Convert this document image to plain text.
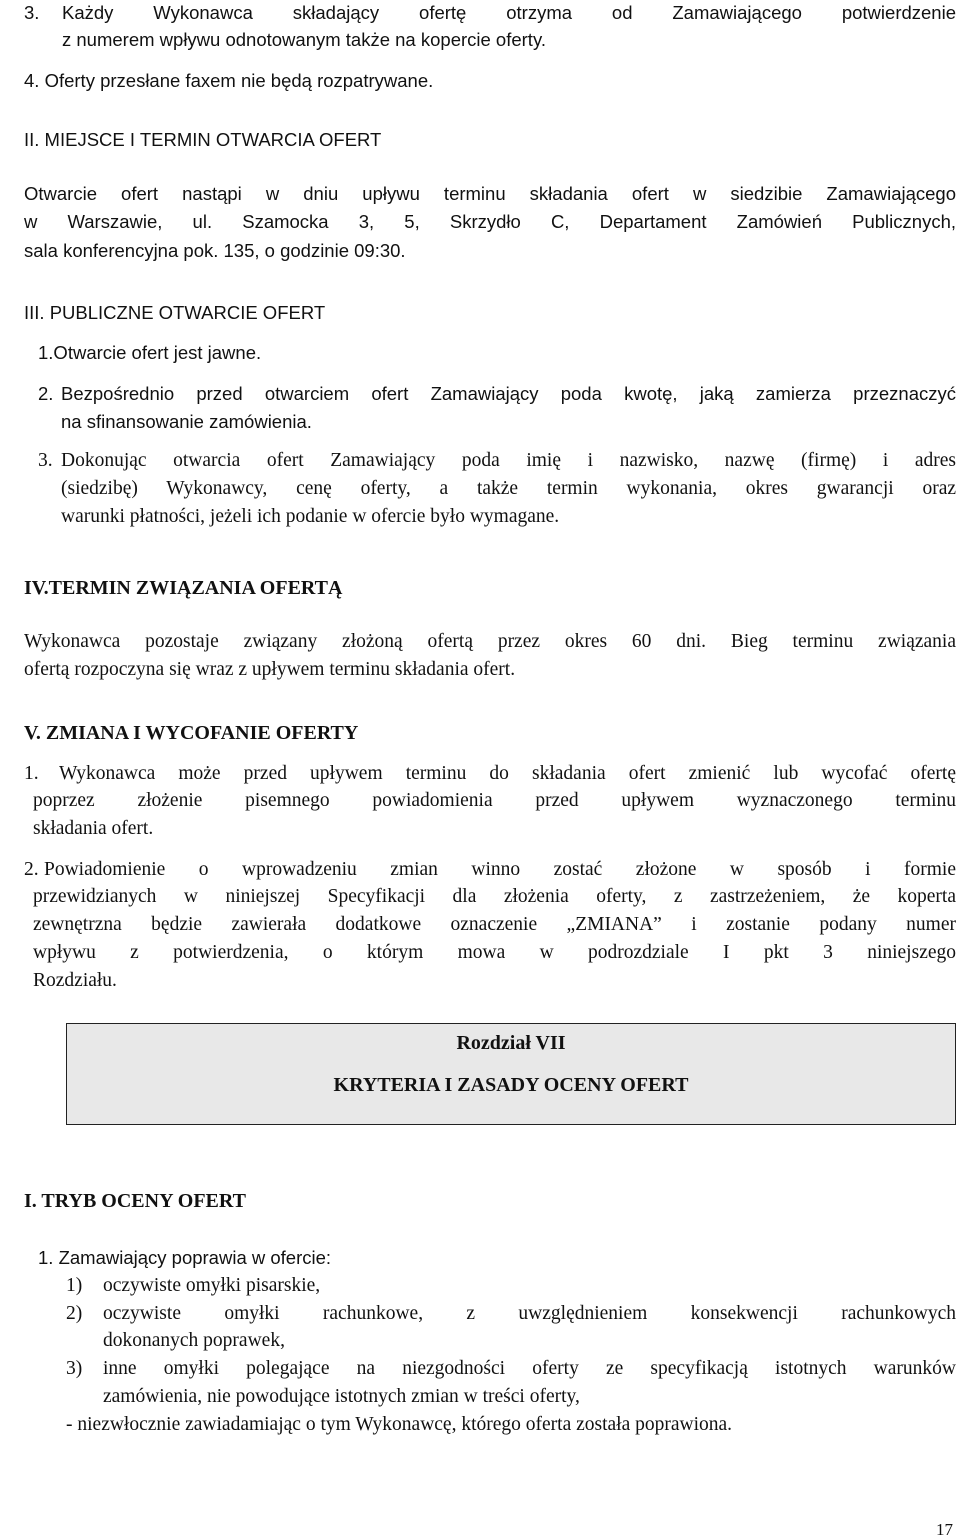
3. Każdy Wykonawca składający ofertę otrzyma od Zamawiającego potwierdzenie
z numerem wpływu odnotowanym także na kopercie oferty.
4. Oferty przesłane faxem nie będą rozpatrywane.
II. MIEJSCE I TERMIN OTWARCIA OFERT
Otwarcie ofert nastąpi w dniu upływu terminu składania ofert w siedzibie Zamawiającego
w Warszawie, ul. Szamocka 3, 5, Skrzydło C, Departament Zamówień Publicznych,
sala konferencyjna pok. 135, o godzinie 09:30.
III. PUBLICZNE OTWARCIE OFERT
1.Otwarcie ofert jest jawne.
2. Bezpośrednio przed otwarciem ofert Zamawiający poda kwotę, jaką zamierza przeznaczyć
na sfinansowanie zamówienia.
3. Dokonując otwarcia ofert Zamawiający poda imię i nazwisko, nazwę (firmę) i adres
(siedzibę) Wykonawcy, cenę oferty, a także termin wykonania, okres gwarancji oraz
warunki płatności, jeżeli ich podanie w ofercie było wymagane.
IV.TERMIN ZWIĄZANIA OFERTĄ
Wykonawca pozostaje związany złożoną ofertą przez okres 60 dni. Bieg terminu związania
ofertą rozpoczyna się wraz z upływem terminu składania ofert.
V. ZMIANA I WYCOFANIE OFERTY
1.	Wykonawca może przed upływem terminu do składania ofert zmienić lub wycofać ofertę
poprzez złożenie pisemnego powiadomienia przed upływem wyznaczonego terminu
składania ofert.
2. Powiadomienie o wprowadzeniu zmian winno zostać złożone w sposób i formie
przewidzianych w niniejszej Specyfikacji dla złożenia oferty, z zastrzeżeniem, że koperta
zewnętrzna będzie zawierała dodatkowe oznaczenie „ZMIANA” i zostanie podany numer
wpływu z potwierdzenia, o którym mowa w podrozdziale I pkt 3 niniejszego
Rozdziału.
Rozdział VII
KRYTERIA I ZASADY OCENY OFERT
I. TRYB OCENY OFERT
1. Zamawiający poprawia w ofercie:
1) oczywiste omyłki pisarskie,
2) oczywiste omyłki rachunkowe, z uwzględnieniem konsekwencji rachunkowych
dokonanych poprawek,
3) inne omyłki polegające na niezgodności oferty ze specyfikacją istotnych warunków
zamówienia, nie powodujące istotnych zmian w treści oferty,
- niezwłocznie zawiadamiając o tym Wykonawcę, którego oferta została poprawiona.
17
